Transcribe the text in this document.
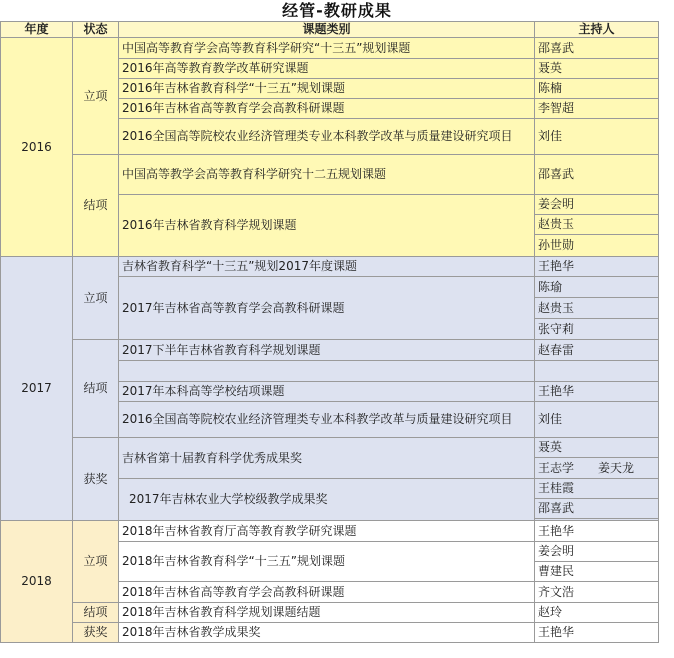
经管-教研成果
年度	状态	课题类别	主持人
2016	立项	中国高等教育学会高等教育科学研究“十三五”规划课题	邵喜武
		2016年高等教育教学改革研究课题	聂英
		2016年吉林省教育科学“十三五”规划课题	陈楠
		2016年吉林省高等教育学会高教科研课题	李智超
		2016全国高等院校农业经济管理类专业本科教学改革与质量建设研究项目	刘佳
	结项	中国高等教学会高等教育科学研究十二五规划课题	邵喜武
		2016年吉林省教育科学规划课题	姜会明
			赵贵玉
			孙世勋
2017	立项	吉林省教育科学“十三五”规划2017年度课题	王艳华
		2017年吉林省高等教育学会高教科研课题	陈瑜
			赵贵玉
			张守莉
	结项	2017下半年吉林省教育科学规划课题	赵春雷

		2017年本科高等学校结项课题	王艳华
		2016全国高等院校农业经济管理类专业本科教学改革与质量建设研究项目	刘佳
	获奖	吉林省第十届教育科学优秀成果奖	聂英
			王志学　　姜天龙
		2017年吉林农业大学校级教学成果奖	王桂霞
			邵喜武

2018	立项	2018年吉林省教育厅高等教育教学研究课题	王艳华
		2018年吉林省教育科学“十三五”规划课题	姜会明
			曹建民
		2018年吉林省高等教育学会高教科研课题	齐文浩
	结项	2018年吉林省教育科学规划课题结题	赵玲
	获奖	2018年吉林省教学成果奖	王艳华
